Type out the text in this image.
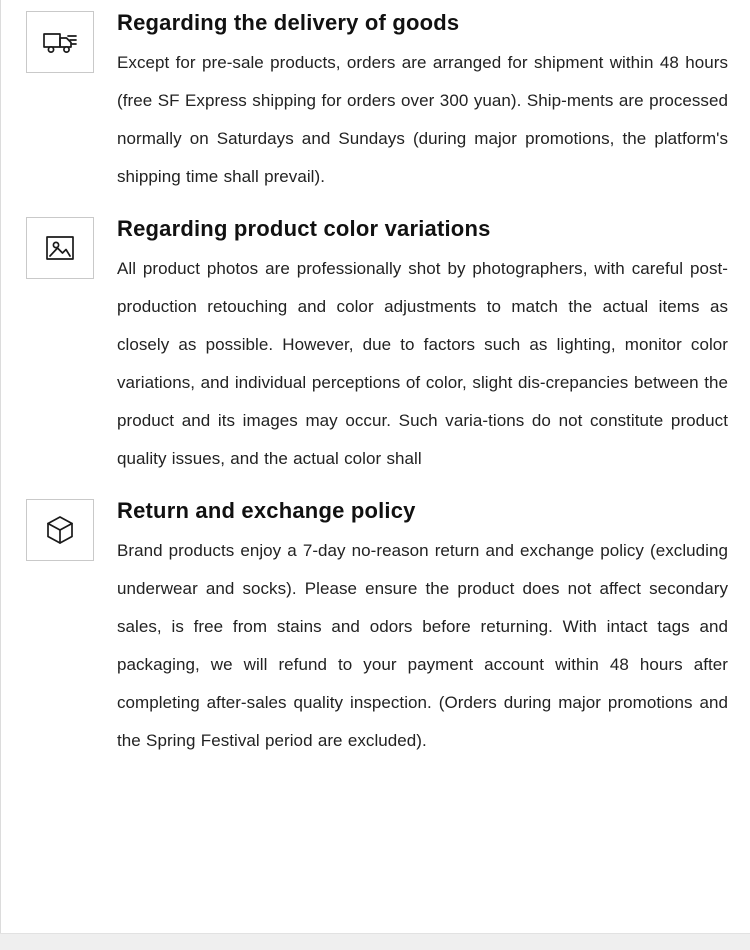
Regarding the delivery of goods

Except for pre-sale products, orders are arranged for shipment within 48 hours (free SF Express shipping for orders over 300 yuan). Ship-ments are processed normally on Saturdays and Sundays (during major promotions, the platform's shipping time shall prevail).

Regarding product color variations

All product photos are professionally shot by photographers, with careful post-production retouching and color adjustments to match the actual items as closely as possible. However, due to factors such as lighting, monitor color variations, and individual perceptions of color, slight dis-crepancies between the product and its images may occur. Such varia-tions do not constitute product quality issues, and the actual color shall

Return and exchange policy

Brand products enjoy a 7-day no-reason return and exchange policy (excluding underwear and socks). Please ensure the product does not affect secondary sales, is free from stains and odors before returning. With intact tags and packaging, we will refund to your payment account within 48 hours after completing after-sales quality inspection. (Orders during major promotions and the Spring Festival period are excluded).
